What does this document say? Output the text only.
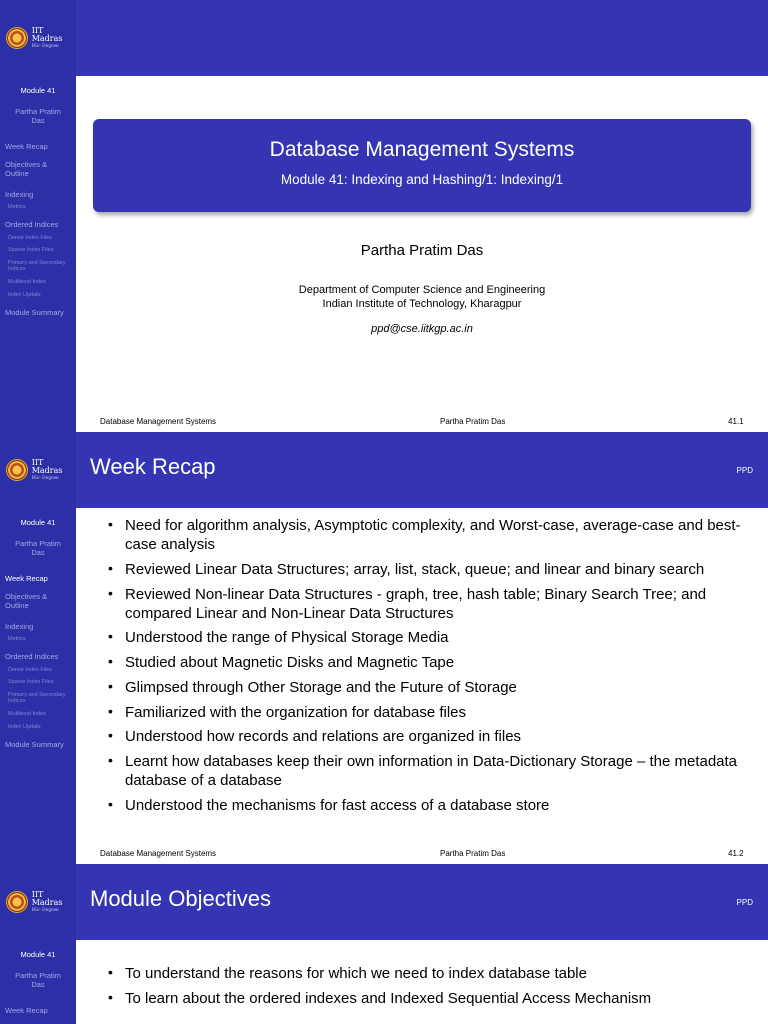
IIT Madras
BSc Degree
Module 41
Partha Pratim Das
Week Recap
Objectives & Outline
Indexing
Metrics
Ordered Indices
Dense Index Files
Sparse Index Files
Primary and Secondary Indices
Multilevel Index
Index Update
Module Summary
Database Management Systems
Module 41: Indexing and Hashing/1: Indexing/1
Partha Pratim Das
Department of Computer Science and Engineering
Indian Institute of Technology, Kharagpur
ppd@cse.iitkgp.ac.in
Database Management Systems	Partha Pratim Das	41.1
IIT Madras
BSc Degree	Week Recap	PPD
Module 41
Partha Pratim Das
Week Recap
Objectives & Outline
Indexing
Metrics
Ordered Indices
Dense Index Files
Sparse Index Files
Primary and Secondary Indices
Multilevel Index
Index Update
Module Summary
• Need for algorithm analysis, Asymptotic complexity, and Worst-case, average-case and best-case analysis
• Reviewed Linear Data Structures; array, list, stack, queue; and linear and binary search
• Reviewed Non-linear Data Structures - graph, tree, hash table; Binary Search Tree; and compared Linear and Non-Linear Data Structures
• Understood the range of Physical Storage Media
• Studied about Magnetic Disks and Magnetic Tape
• Glimpsed through Other Storage and the Future of Storage
• Familiarized with the organization for database files
• Understood how records and relations are organized in files
• Learnt how databases keep their own information in Data-Dictionary Storage – the metadata database of a database
• Understood the mechanisms for fast access of a database store
Database Management Systems	Partha Pratim Das	41.2
IIT Madras
BSc Degree	Module Objectives	PPD
Module 41
Partha Pratim Das
Week Recap
• To understand the reasons for which we need to index database table
• To learn about the ordered indexes and Indexed Sequential Access Mechanism
